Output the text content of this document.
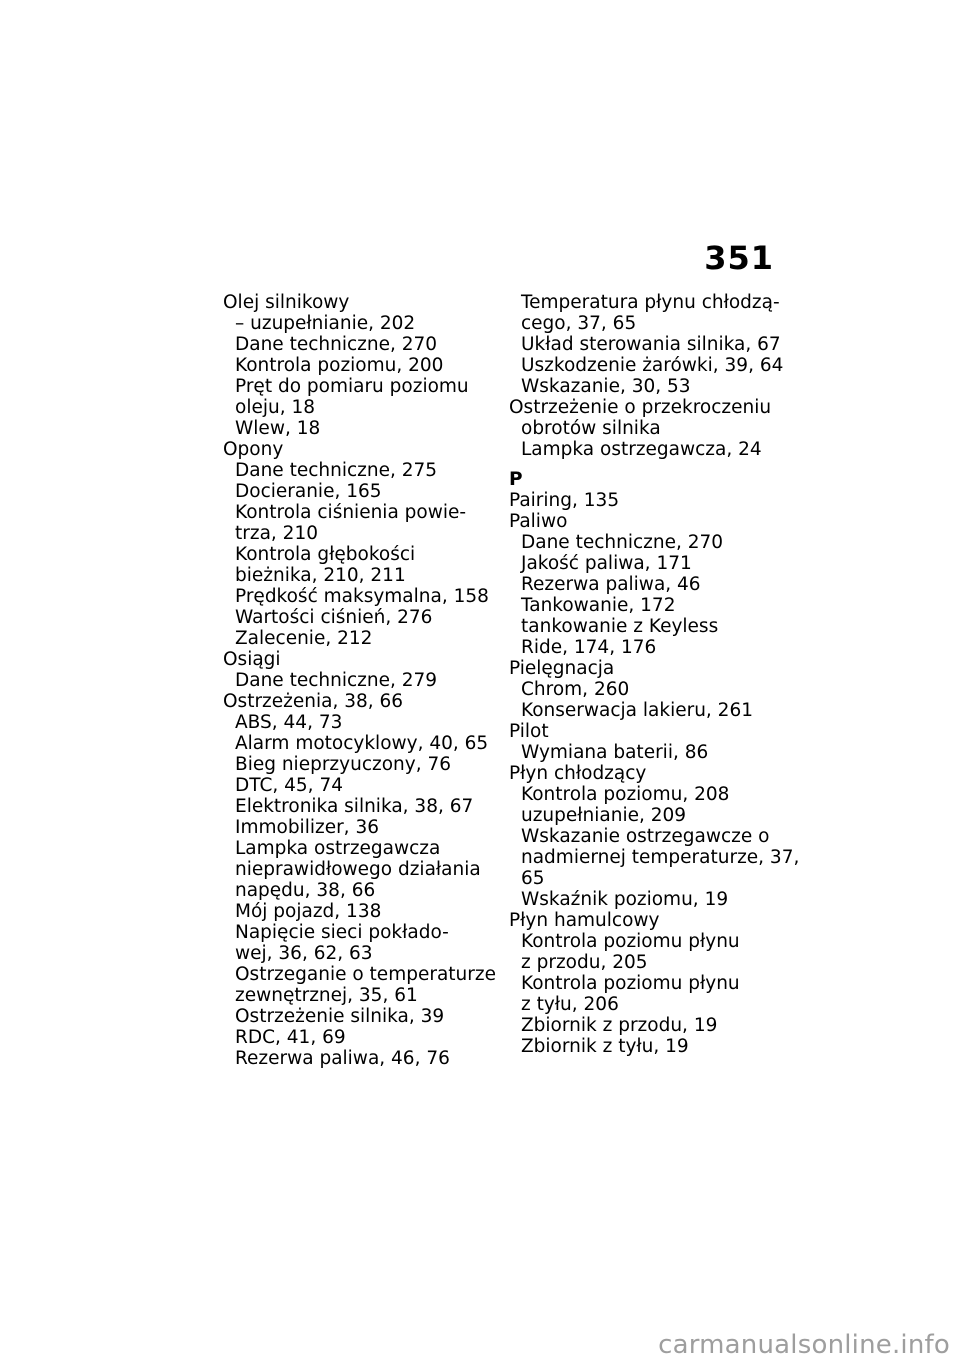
351
Olej silnikowy
– uzupełnianie, 202
Dane techniczne, 270
Kontrola poziomu, 200
Pręt do pomiaru poziomu
oleju, 18
Wlew, 18
Opony
Dane techniczne, 275
Docieranie, 165
Kontrola ciśnienia powie-
trza, 210
Kontrola głębokości
bieżnika, 210, 211
Prędkość maksymalna, 158
Wartości ciśnień, 276
Zalecenie, 212
Osiągi
Dane techniczne, 279
Ostrzeżenia, 38, 66
ABS, 44, 73
Alarm motocyklowy, 40, 65
Bieg nieprzyuczony, 76
DTC, 45, 74
Elektronika silnika, 38, 67
Immobilizer, 36
Lampka ostrzegawcza
nieprawidłowego działania
napędu, 38, 66
Mój pojazd, 138
Napięcie sieci pokłado-
wej, 36, 62, 63
Ostrzeganie o temperaturze
zewnętrznej, 35, 61
Ostrzeżenie silnika, 39
RDC, 41, 69
Rezerwa paliwa, 46, 76
Temperatura płynu chłodzą-
cego, 37, 65
Układ sterowania silnika, 67
Uszkodzenie żarówki, 39, 64
Wskazanie, 30, 53
Ostrzeżenie o przekroczeniu
obrotów silnika
Lampka ostrzegawcza, 24
P
Pairing, 135
Paliwo
Dane techniczne, 270
Jakość paliwa, 171
Rezerwa paliwa, 46
Tankowanie, 172
tankowanie z Keyless
Ride, 174, 176
Pielęgnacja
Chrom, 260
Konserwacja lakieru, 261
Pilot
Wymiana baterii, 86
Płyn chłodzący
Kontrola poziomu, 208
uzupełnianie, 209
Wskazanie ostrzegawcze o
nadmiernej temperaturze, 37,
65
Wskaźnik poziomu, 19
Płyn hamulcowy
Kontrola poziomu płynu
z przodu, 205
Kontrola poziomu płynu
z tyłu, 206
Zbiornik z przodu, 19
Zbiornik z tyłu, 19
carmanualsonline.info
